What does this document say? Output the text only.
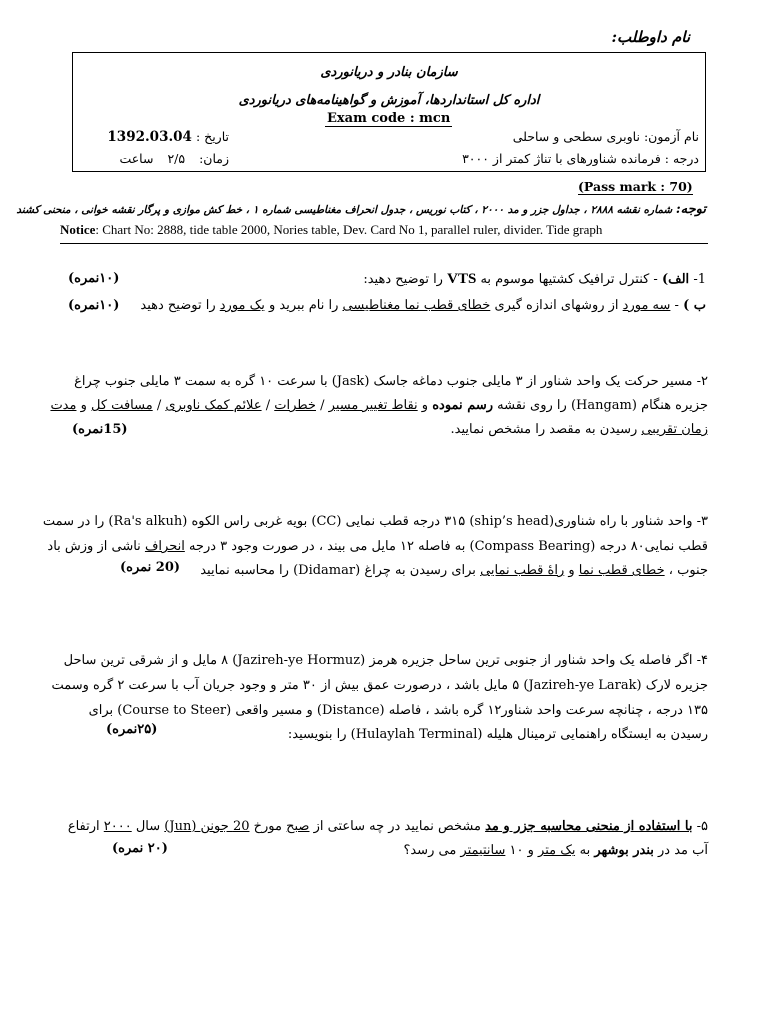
نام داوطلب:
سازمان بنادر و دریانوردی
اداره کل استانداردها، آموزش و گواهینامه‌های دریانوردی
Exam code : mcn
نام آزمون: ناوبری سطحی و ساحلی
تاریخ : 1392.03.04
درجه : فرمانده شناورهای با تناژ کمتر از ۳۰۰۰
زمان: ۲/۵ ساعت
(Pass mark : 70)
توجه: شماره نقشه ۲۸۸۸ ، جداول جزر و مد ۲۰۰۰ ، کتاب نوریس ، جدول انحراف مغناطیسی شماره ۱ ، خط کش موازی و پرگار نقشه خوانی ، منحنی کشند
Notice: Chart No: 2888, tide table 2000, Nories table, Dev. Card No 1, parallel ruler, divider. Tide graph
1- الف) - کنترل ترافیک کشتیها موسوم به VTS را توضیح دهید:
(۱۰نمره)
ب ) - سه مورد از روشهای اندازه گیری خطای قطب نما مغناطیسی را نام ببرید و یک مورد را توضیح دهید
(۱۰نمره)
۲- مسیر حرکت یک واحد شناور از ۳ مایلی جنوب دماغه جاسک (Jask) با سرعت ۱۰ گره به سمت ۳ مایلی جنوب چراغ
جزیره هنگام (Hangam) را روی نقشه رسم نموده و نقاط تغییر مسیر / خطرات / علائم کمک ناوبری / مسافت کل و مدت
زمان تقریبی رسیدن به مقصد را مشخص نمایید.
(15نمره)
۳- واحد شناور با راه شناوری(ship’s head) ۳۱۵ درجه قطب نمایی (CC) بویه غربی راس الکوه (Ra's alkuh) را در سمت
قطب نمایی۸۰ درجه (Compass Bearing) به فاصله ۱۲ مایل می بیند ، در صورت وجود ۳ درجه انحراف ناشی از وزش باد
جنوب ، خطای قطب نما و راهٔ قطب نمایی برای رسیدن به چراغ (Didamar) را محاسبه نمایید
(20 نمره)
۴- اگر فاصله یک واحد شناور از جنوبی ترین ساحل جزیره هرمز (Jazireh-ye Hormuz) ۸ مایل و از شرقی ترین ساحل
جزیره لارک (Jazireh-ye Larak) ۵ مایل باشد ، درصورت عمق بیش از ۳۰ متر و وجود جریان آب با سرعت ۲ گره وسمت
۱۳۵ درجه ، چنانچه سرعت واحد شناور۱۲ گره باشد ، فاصله (Distance) و مسیر واقعی (Course to Steer) برای
رسیدن به ایستگاه راهنمایی ترمینال هلیله (Hulaylah Terminal) را بنویسید:
(۲۵نمره)
۵- با استفاده از منحنی محاسبه جزر و مد مشخص نمایید در چه ساعتی از صبح مورخ 20 جونن (Jun) سال ۲۰۰۰ ارتفاع
آب مد در بندر بوشهر به یک متر و ۱۰ سانتیمتر می رسد؟
(۲۰ نمره)
